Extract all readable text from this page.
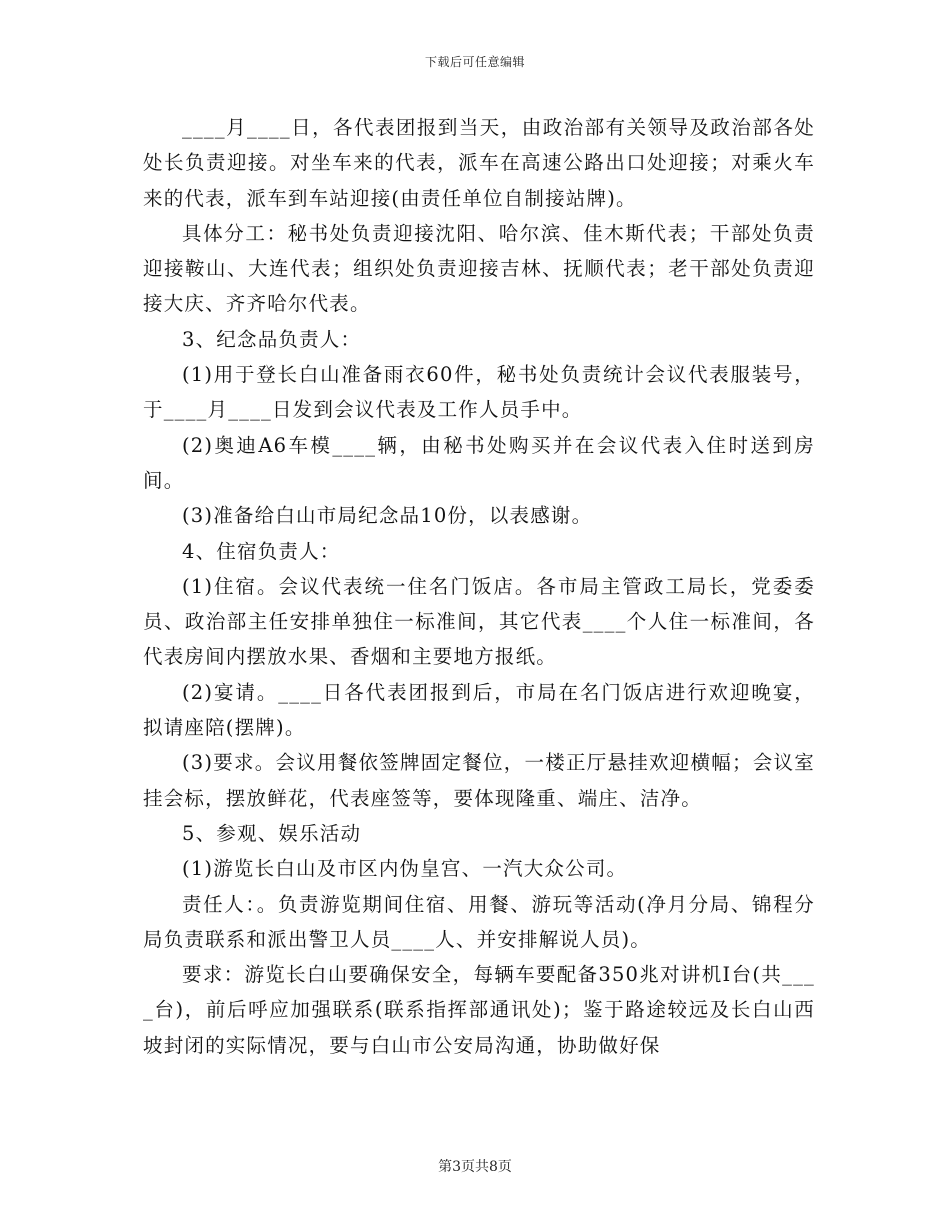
下载后可任意编辑

____月____日，各代表团报到当天，由政治部有关领导及政治部各处处长负责迎接。对坐车来的代表，派车在高速公路出口处迎接；对乘火车来的代表，派车到车站迎接(由责任单位自制接站牌)。

具体分工：秘书处负责迎接沈阳、哈尔滨、佳木斯代表；干部处负责迎接鞍山、大连代表；组织处负责迎接吉林、抚顺代表；老干部处负责迎接大庆、齐齐哈尔代表。

3、纪念品负责人：

(1)用于登长白山准备雨衣60件，秘书处负责统计会议代表服装号，于____月____日发到会议代表及工作人员手中。

(2)奥迪A6车模____辆，由秘书处购买并在会议代表入住时送到房间。

(3)准备给白山市局纪念品10份，以表感谢。

4、住宿负责人：

(1)住宿。会议代表统一住名门饭店。各市局主管政工局长，党委委员、政治部主任安排单独住一标准间，其它代表____个人住一标准间，各代表房间内摆放水果、香烟和主要地方报纸。

(2)宴请。____日各代表团报到后，市局在名门饭店进行欢迎晚宴，拟请座陪(摆牌)。

(3)要求。会议用餐依签牌固定餐位，一楼正厅悬挂欢迎横幅；会议室挂会标，摆放鲜花，代表座签等，要体现隆重、端庄、洁净。

5、参观、娱乐活动

(1)游览长白山及市区内伪皇宫、一汽大众公司。

责任人：。负责游览期间住宿、用餐、游玩等活动(净月分局、锦程分局负责联系和派出警卫人员____人、并安排解说人员)。

要求：游览长白山要确保安全，每辆车要配备350兆对讲机Ⅰ台(共____台)，前后呼应加强联系(联系指挥部通讯处)；鉴于路途较远及长白山西坡封闭的实际情况，要与白山市公安局沟通，协助做好保

第3页共8页
